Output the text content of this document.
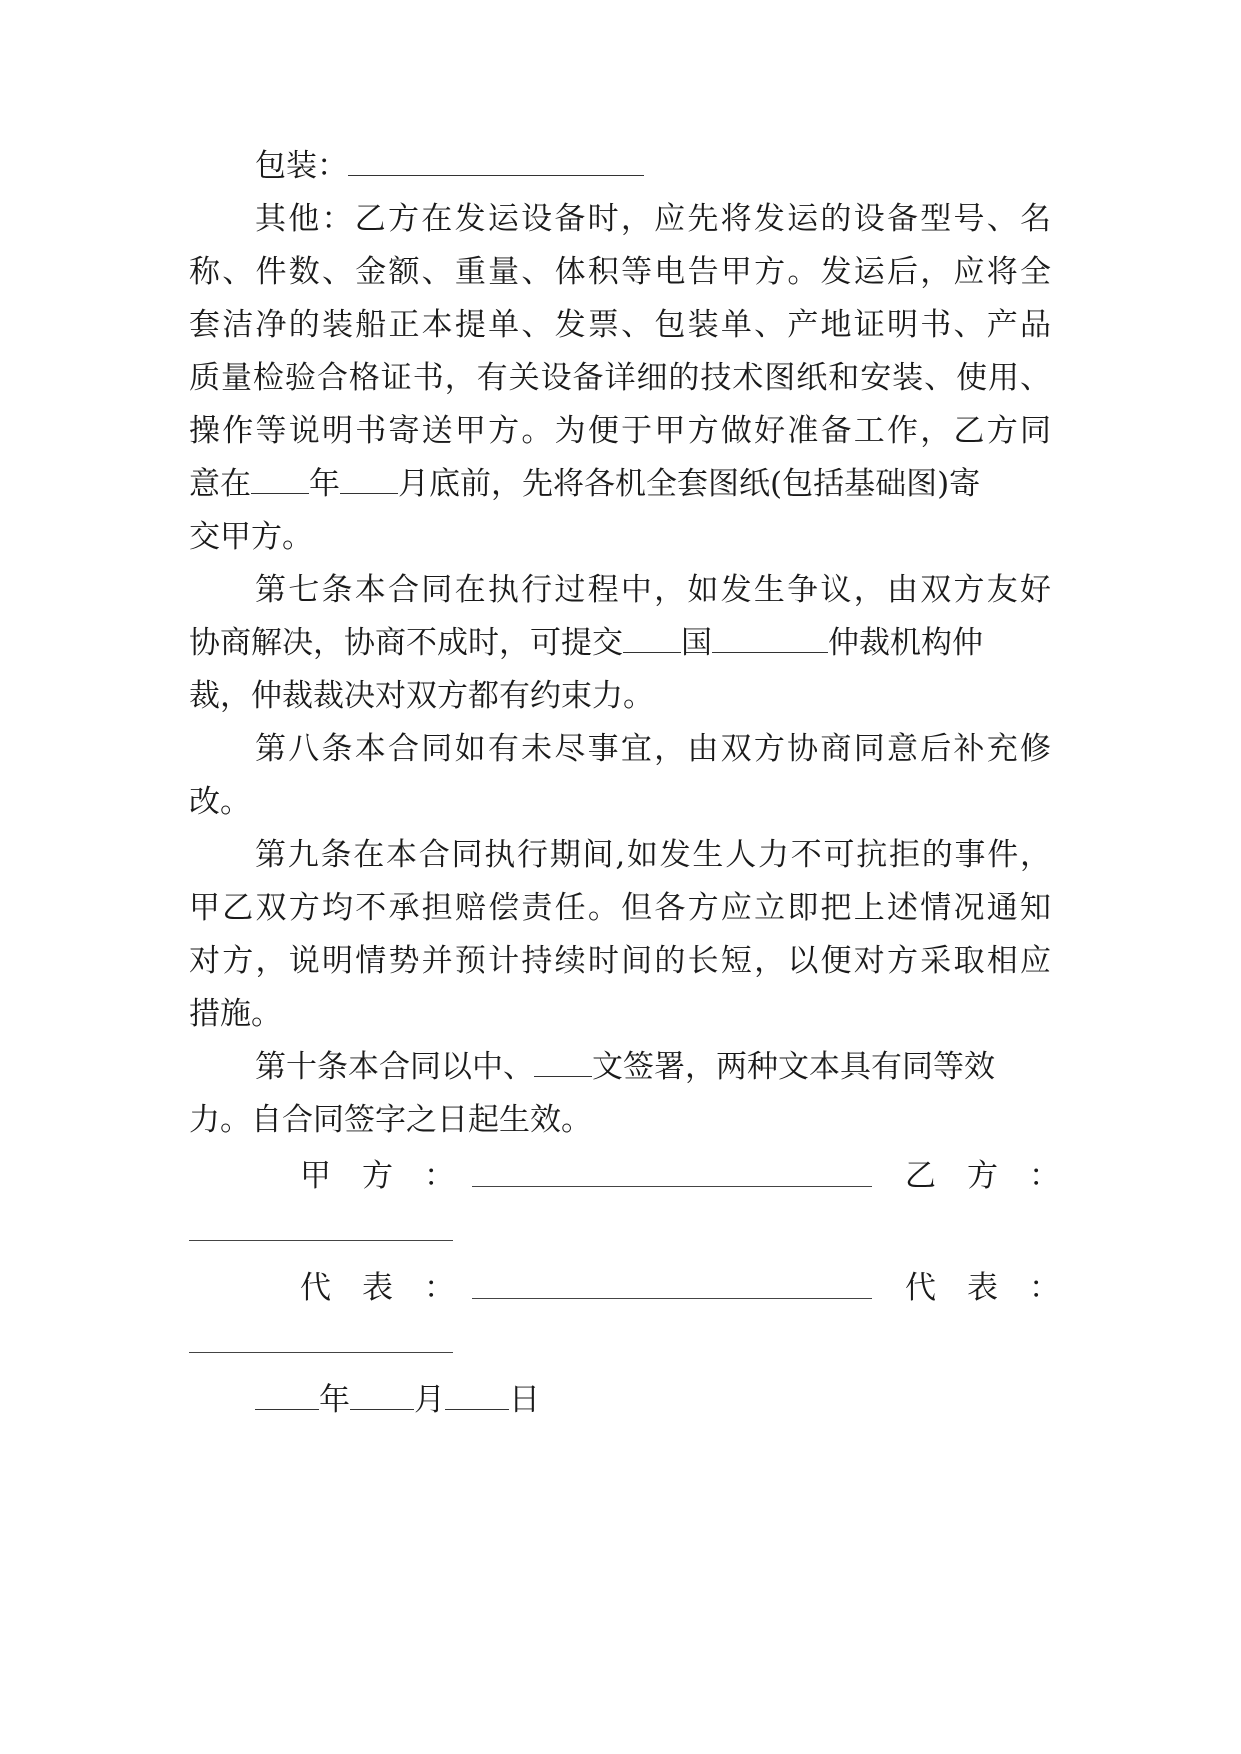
包装：
其他：乙方在发运设备时，应先将发运的设备型号、名
称、件数、金额、重量、体积等电告甲方。发运后，应将全
套洁净的装船正本提单、发票、包装单、产地证明书、产品
质量检验合格证书，有关设备详细的技术图纸和安装、使用、
操作等说明书寄送甲方。为便于甲方做好准备工作，乙方同
意在 年 月底前，先将各机全套图纸(包括基础图)寄
交甲方。
第七条本合同在执行过程中，如发生争议，由双方友好
协商解决，协商不成时，可提交 国	仲裁机构仲
裁，仲裁裁决对双方都有约束力。
第八条本合同如有未尽事宜，由双方协商同意后补充修
改。
第九条在本合同执行期间,如发生人力不可抗拒的事件，
甲乙双方均不承担赔偿责任。但各方应立即把上述情况通知
对方，说明情势并预计持续时间的长短，以便对方采取相应
措施。
第十条本合同以中、 文签署，两种文本具有同等效
力。自合同签字之日起生效。
甲　方　：	乙　方　：
代　表　：	代　表　：
年 月 日
